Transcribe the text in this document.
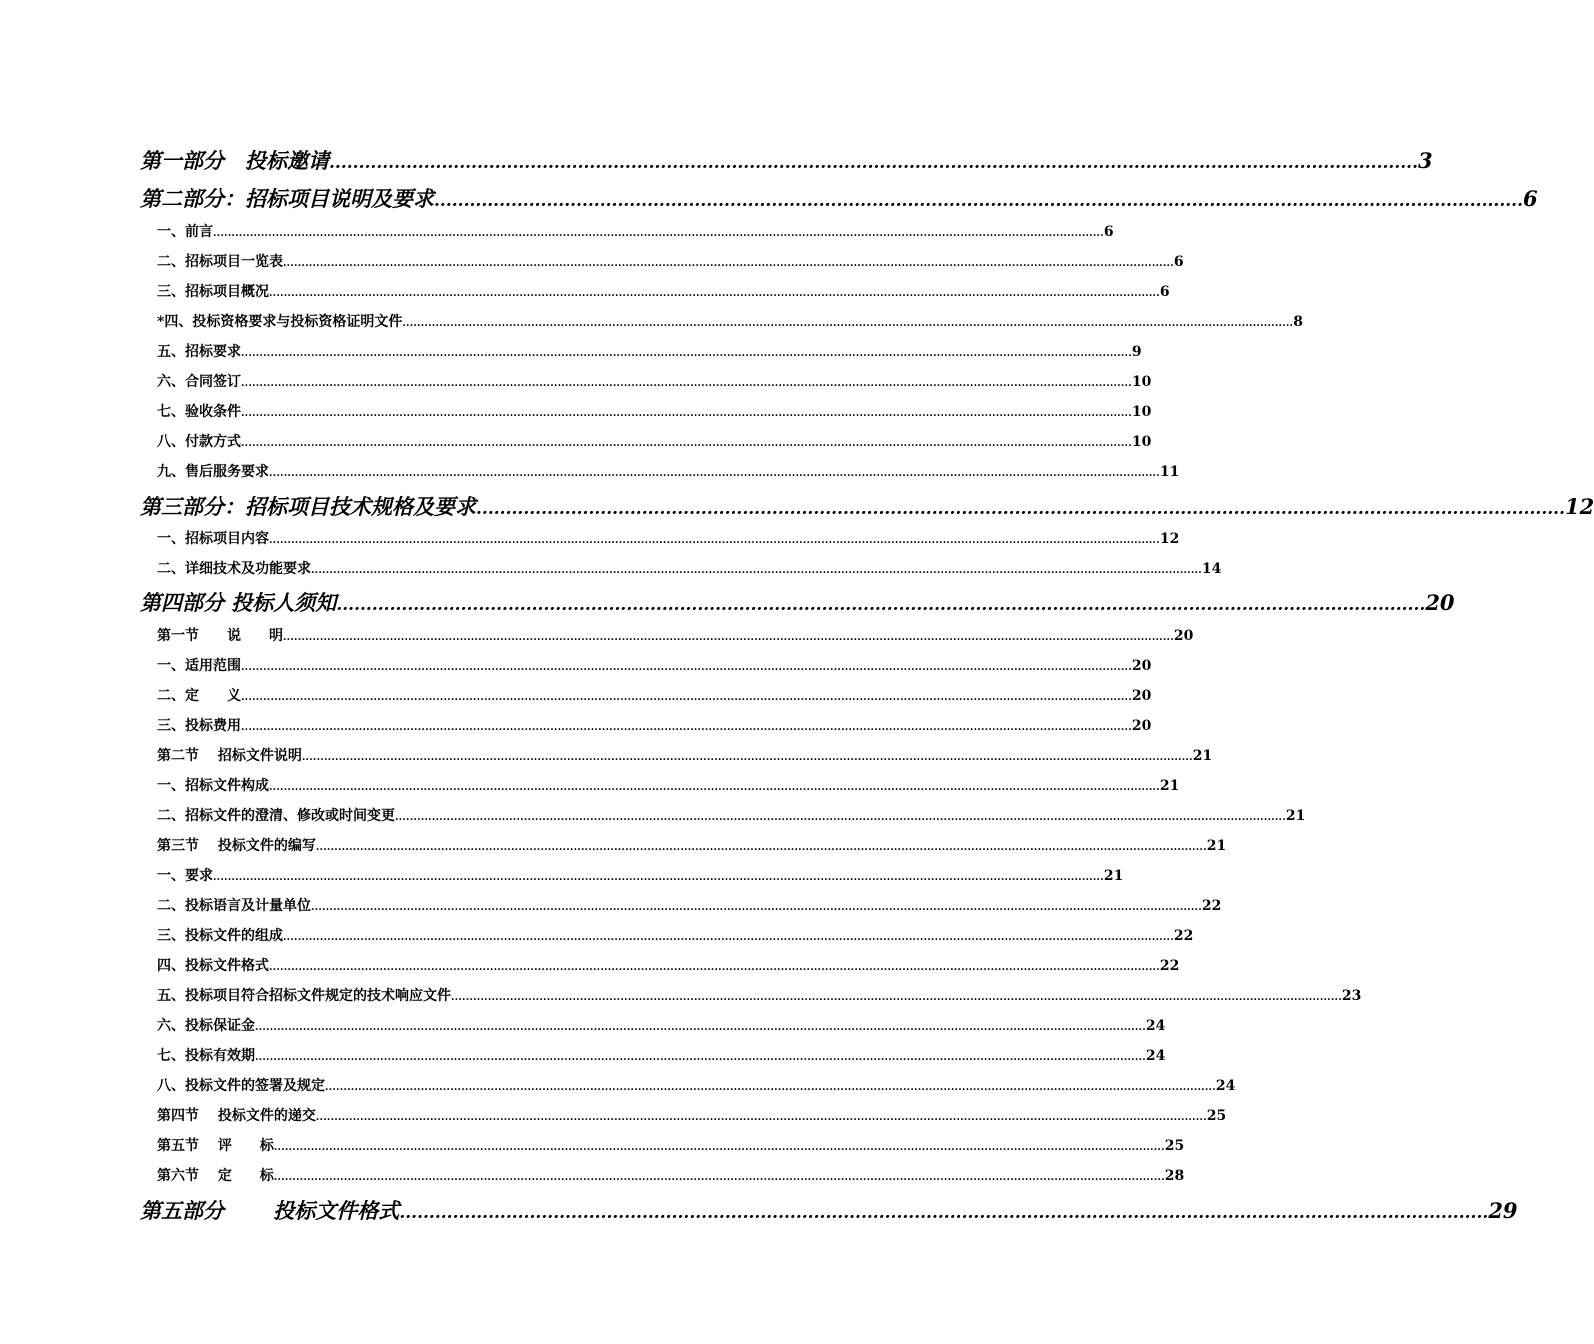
第一部分　投标邀请 ........................................................................................................................................................................................ 3
第二部分：招标项目说明及要求 ........................................................................................................................................................................................ 6
一、前言 .................................................................................................................................................................................................................................................. 6
二、招标项目一览表 .................................................................................................................................................................................................................................................. 6
三、招标项目概况 .................................................................................................................................................................................................................................................. 6
*四、投标资格要求与投标资格证明文件 .................................................................................................................................................................................................................................................. 8
五、招标要求 .................................................................................................................................................................................................................................................. 9
六、合同签订 .................................................................................................................................................................................................................................................. 10
七、验收条件 .................................................................................................................................................................................................................................................. 10
八、付款方式 .................................................................................................................................................................................................................................................. 10
九、售后服务要求 .................................................................................................................................................................................................................................................. 11
第三部分：招标项目技术规格及要求 ........................................................................................................................................................................................ 12
一、招标项目内容 .................................................................................................................................................................................................................................................. 12
二、详细技术及功能要求 .................................................................................................................................................................................................................................................. 14
第四部分 投标人须知 ........................................................................................................................................................................................ 20
第一节　　说　　明 .................................................................................................................................................................................................................................................. 20
一、适用范围 .................................................................................................................................................................................................................................................. 20
二、定　　义 .................................................................................................................................................................................................................................................. 20
三、投标费用 .................................................................................................................................................................................................................................................. 20
第二节　 招标文件说明 .................................................................................................................................................................................................................................................. 21
一、招标文件构成 .................................................................................................................................................................................................................................................. 21
二、招标文件的澄清、修改或时间变更 .................................................................................................................................................................................................................................................. 21
第三节　 投标文件的编写 .................................................................................................................................................................................................................................................. 21
一、要求 .................................................................................................................................................................................................................................................. 21
二、投标语言及计量单位 .................................................................................................................................................................................................................................................. 22
三、投标文件的组成 .................................................................................................................................................................................................................................................. 22
四、投标文件格式 .................................................................................................................................................................................................................................................. 22
五、投标项目符合招标文件规定的技术响应文件 .................................................................................................................................................................................................................................................. 23
六、投标保证金 .................................................................................................................................................................................................................................................. 24
七、投标有效期 .................................................................................................................................................................................................................................................. 24
八、投标文件的签署及规定 .................................................................................................................................................................................................................................................. 24
第四节　 投标文件的递交 .................................................................................................................................................................................................................................................. 25
第五节　 评　　标 .................................................................................................................................................................................................................................................. 25
第六节　 定　　标 .................................................................................................................................................................................................................................................. 28
第五部分　　 投标文件格式 ........................................................................................................................................................................................ 29
